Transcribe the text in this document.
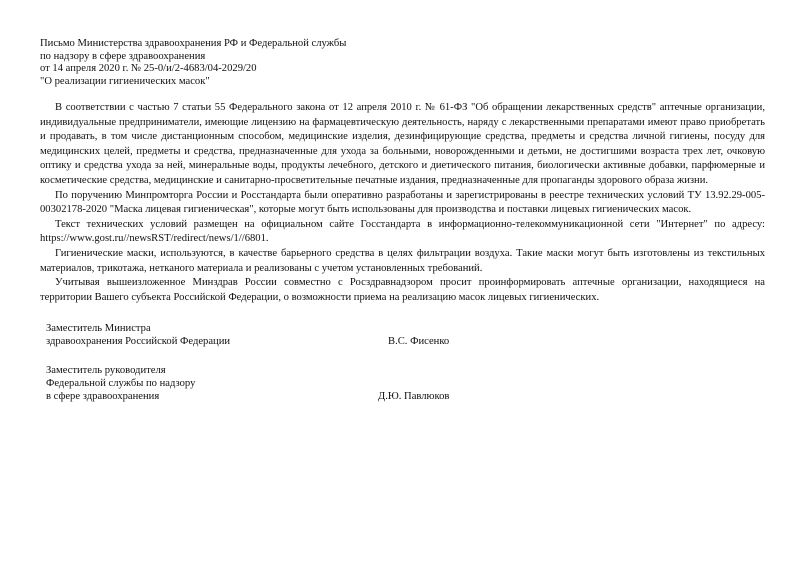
Письмо Министерства здравоохранения РФ и Федеральной службы
по надзору в сфере здравоохранения
от 14 апреля 2020 г. № 25-0/и/2-4683/04-2029/20
"О реализации гигиенических масок"

В соответствии с частью 7 статьи 55 Федерального закона от 12 апреля 2010 г. № 61-ФЗ "Об обращении лекарственных средств" аптечные организации, индивидуальные предприниматели, имеющие лицензию на фармацевтическую деятельность, наряду с лекарственными препаратами имеют право приобретать и продавать, в том числе дистанционным способом, медицинские изделия, дезинфицирующие средства, предметы и средства личной гигиены, посуду для медицинских целей, предметы и средства, предназначенные для ухода за больными, новорожденными и детьми, не достигшими возраста трех лет, очковую оптику и средства ухода за ней, минеральные воды, продукты лечебного, детского и диетического питания, биологически активные добавки, парфюмерные и косметические средства, медицинские и санитарно-просветительные печатные издания, предназначенные для пропаганды здорового образа жизни.

По поручению Минпромторга России и Росстандарта были оперативно разработаны и зарегистрированы в реестре технических условий ТУ 13.92.29-005-00302178-2020 "Маска лицевая гигиеническая", которые могут быть использованы для производства и поставки лицевых гигиенических масок.

Текст технических условий размещен на официальном сайте Госстандарта в информационно-телекоммуникационной сети "Интернет" по адресу: https://www.gost.ru//newsRST/redirect/news/1//6801.

Гигиенические маски, используются, в качестве барьерного средства в целях фильтрации воздуха. Такие маски могут быть изготовлены из текстильных материалов, трикотажа, нетканого материала и реализованы с учетом установленных требований.

Учитывая вышеизложенное Минздрав России совместно с Росздравнадзором просит проинформировать аптечные организации, находящиеся на территории Вашего субъекта Российской Федерации, о возможности приема на реализацию масок лицевых гигиенических.

Заместитель Министра
здравоохранения Российской Федерации	В.С. Фисенко
Заместитель руководителя
Федеральной службы по надзору
в сфере здравоохранения	Д.Ю. Павлюков
